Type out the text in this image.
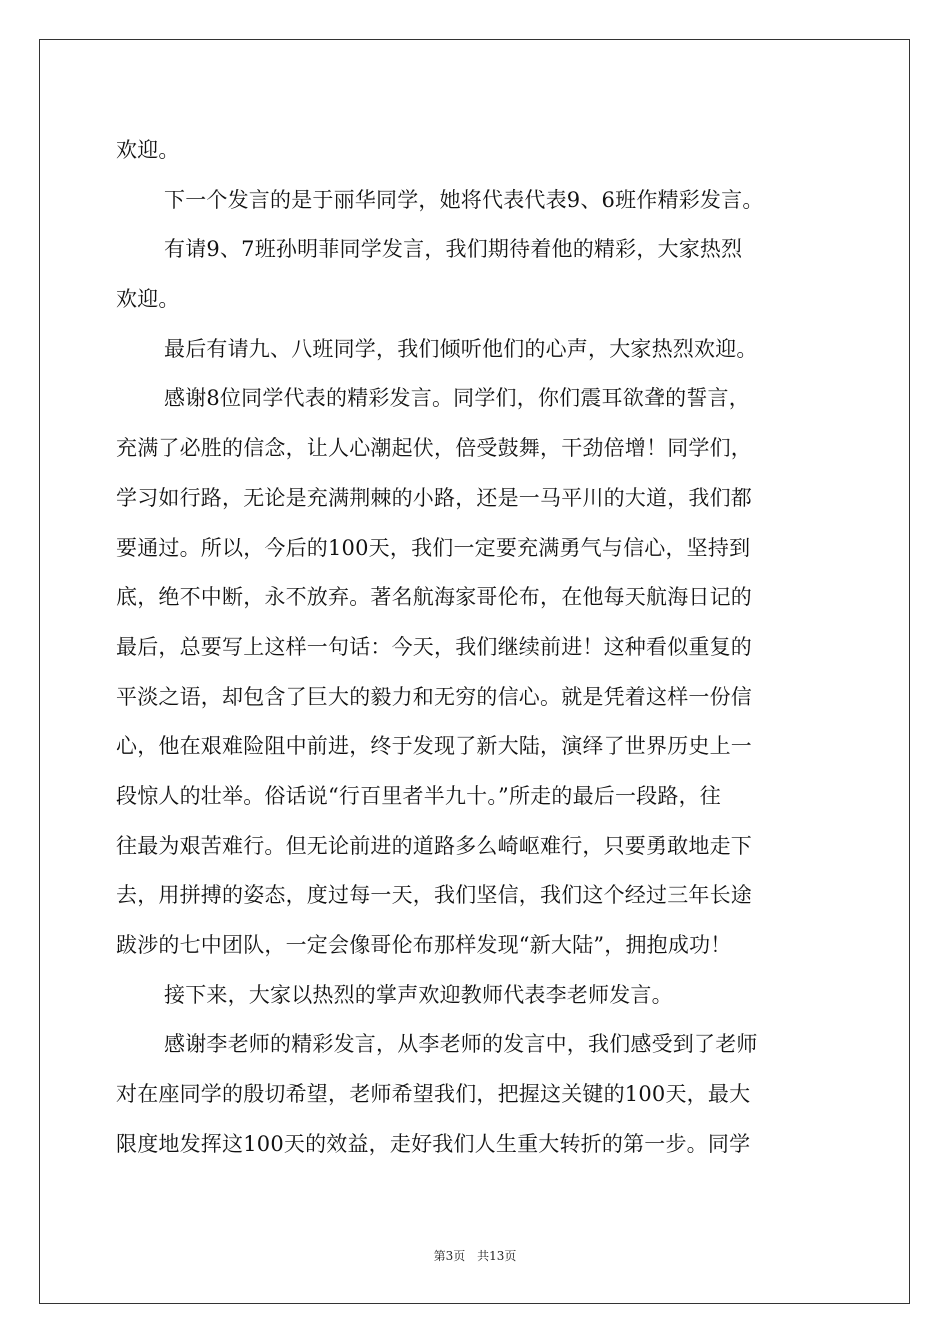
欢迎。
下一个发言的是于丽华同学，她将代表代表9、6班作精彩发言。
有请9、7班孙明菲同学发言，我们期待着他的精彩，大家热烈
欢迎。
最后有请九、八班同学，我们倾听他们的心声，大家热烈欢迎。
感谢8位同学代表的精彩发言。同学们，你们震耳欲聋的誓言，
充满了必胜的信念，让人心潮起伏，倍受鼓舞，干劲倍增！同学们，
学习如行路，无论是充满荆棘的小路，还是一马平川的大道，我们都
要通过。所以，今后的100天，我们一定要充满勇气与信心，坚持到
底，绝不中断，永不放弃。著名航海家哥伦布，在他每天航海日记的
最后，总要写上这样一句话：今天，我们继续前进！这种看似重复的
平淡之语，却包含了巨大的毅力和无穷的信心。就是凭着这样一份信
心，他在艰难险阻中前进，终于发现了新大陆，演绎了世界历史上一
段惊人的壮举。俗话说“行百里者半九十。”所走的最后一段路，往
往最为艰苦难行。但无论前进的道路多么崎岖难行，只要勇敢地走下
去，用拼搏的姿态，度过每一天，我们坚信，我们这个经过三年长途
跋涉的七中团队，一定会像哥伦布那样发现“新大陆”，拥抱成功！
接下来，大家以热烈的掌声欢迎教师代表李老师发言。
感谢李老师的精彩发言，从李老师的发言中，我们感受到了老师
对在座同学的殷切希望，老师希望我们，把握这关键的100天，最大
限度地发挥这100天的效益，走好我们人生重大转折的第一步。同学
第3页 共13页
